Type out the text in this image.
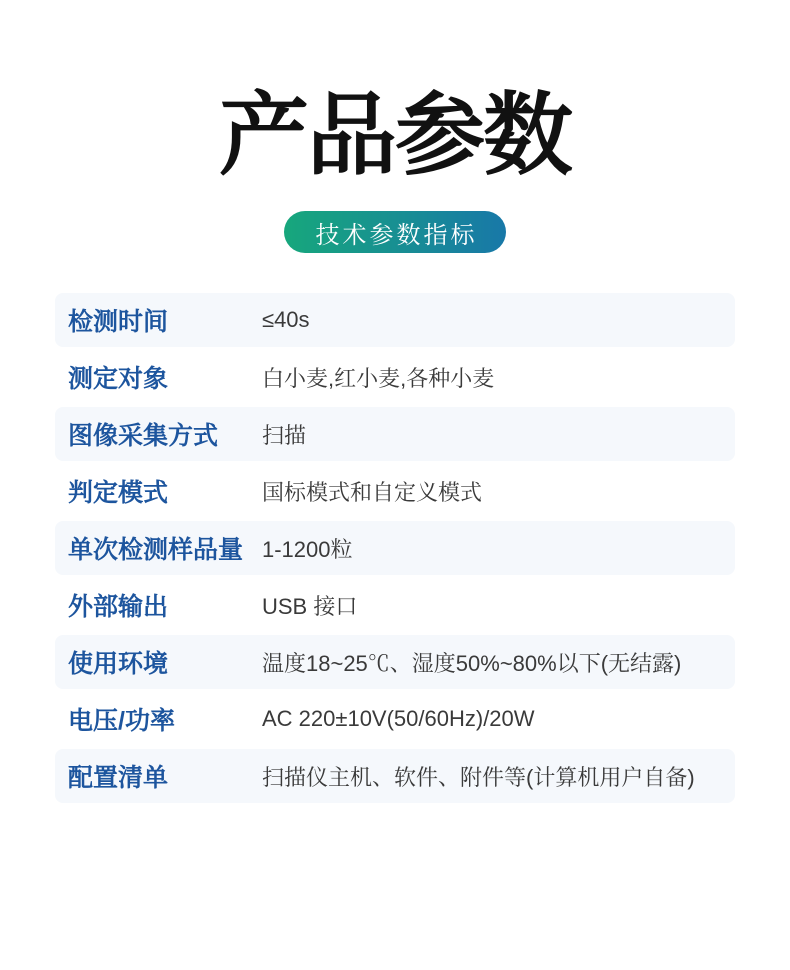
产品参数
技术参数指标
检测时间	≤40s
测定对象	白小麦,红小麦,各种小麦
图像采集方式	扫描
判定模式	国标模式和自定义模式
单次检测样品量 1-1200粒
外部输出	USB 接口
使用环境	温度18~25℃、湿度50%~80%以下(无结露)
电压/功率	AC 220±10V(50/60Hz)/20W
配置清单	扫描仪主机、软件、附件等(计算机用户自备)
